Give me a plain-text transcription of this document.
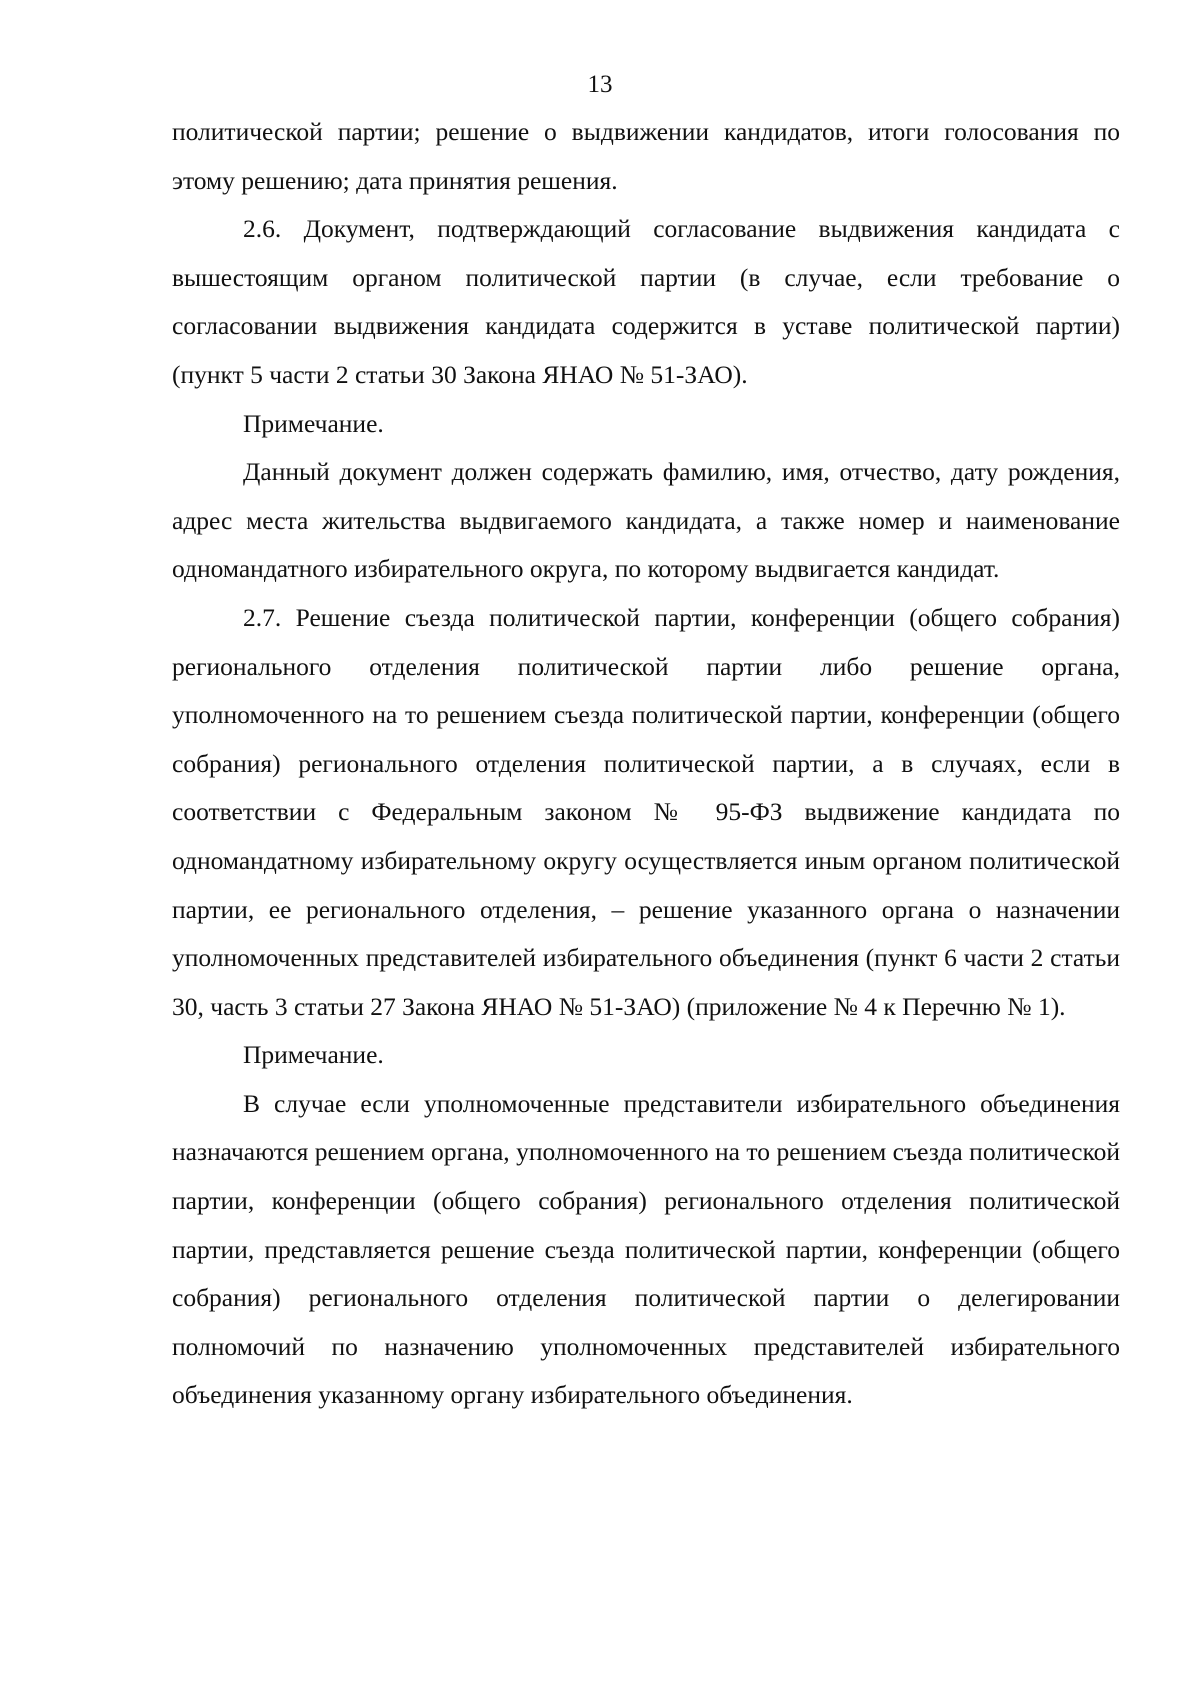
13

политической партии; решение о выдвижении кандидатов, итоги голосования по этому решению; дата принятия решения.

2.6. Документ, подтверждающий согласование выдвижения кандидата с вышестоящим органом политической партии (в случае, если требование о согласовании выдвижения кандидата содержится в уставе политической партии) (пункт 5 части 2 статьи 30 Закона ЯНАО № 51-ЗАО).

Примечание.

Данный документ должен содержать фамилию, имя, отчество, дату рождения, адрес места жительства выдвигаемого кандидата, а также номер и наименование одномандатного избирательного округа, по которому выдвигается кандидат.

2.7. Решение съезда политической партии, конференции (общего собрания) регионального отделения политической партии либо решение органа, уполномоченного на то решением съезда политической партии, конференции (общего собрания) регионального отделения политической партии, а в случаях, если в соответствии с Федеральным законом № 95-ФЗ выдвижение кандидата по одномандатному избирательному округу осуществляется иным органом политической партии, ее регионального отделения, – решение указанного органа о назначении уполномоченных представителей избирательного объединения (пункт 6 части 2 статьи 30, часть 3 статьи 27 Закона ЯНАО № 51-ЗАО) (приложение № 4 к Перечню № 1).

Примечание.

В случае если уполномоченные представители избирательного объединения назначаются решением органа, уполномоченного на то решением съезда политической партии, конференции (общего собрания) регионального отделения политической партии, представляется решение съезда политической партии, конференции (общего собрания) регионального отделения политической партии о делегировании полномочий по назначению уполномоченных представителей избирательного объединения указанному органу избирательного объединения.
